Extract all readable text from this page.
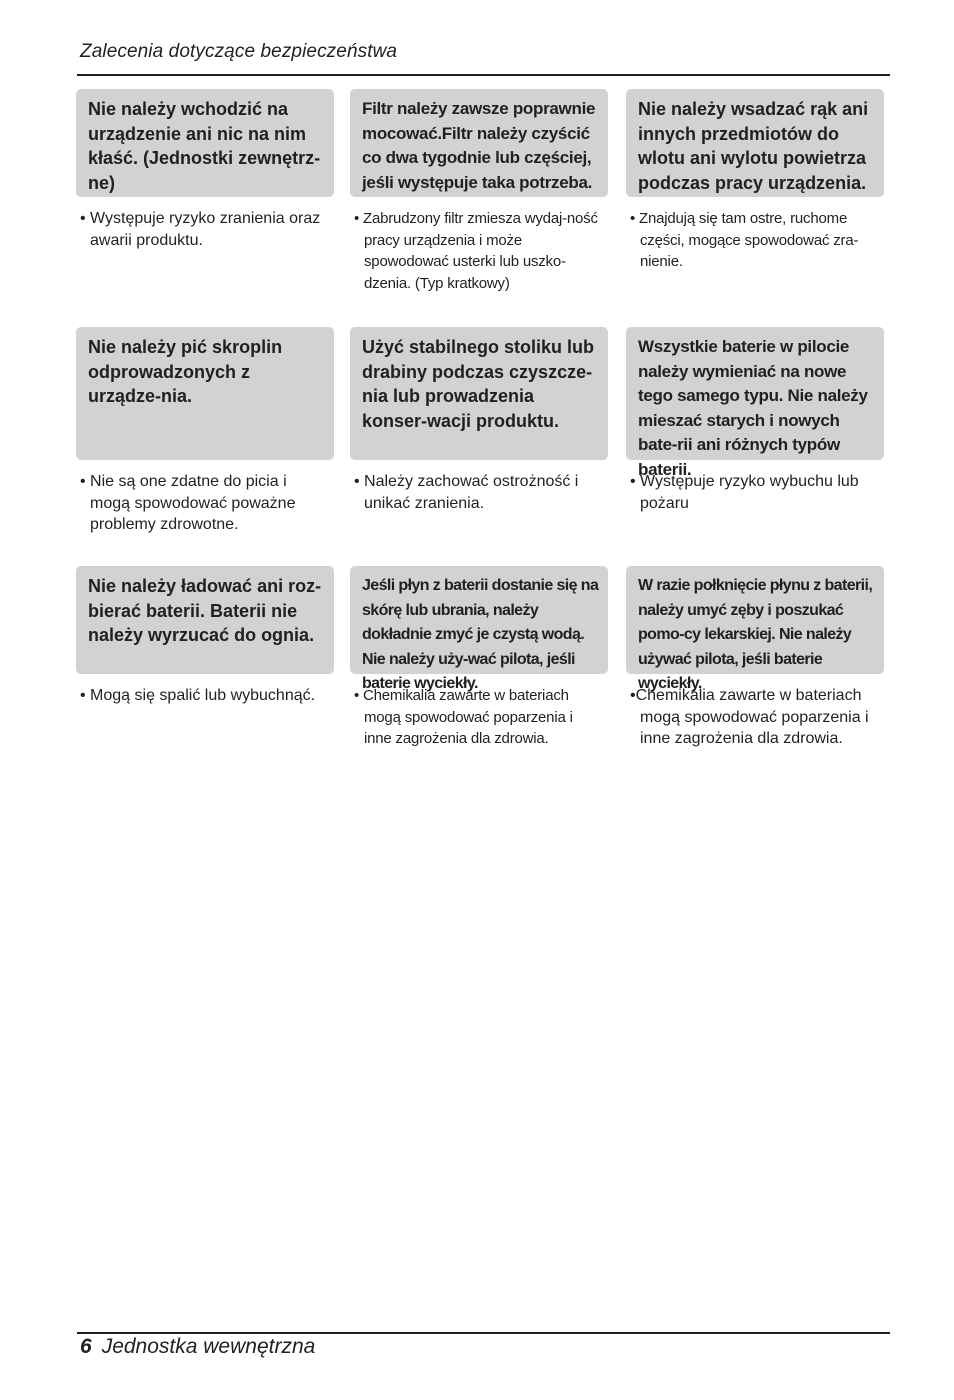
Zalecenia dotyczące bezpieczeństwa
Nie należy wchodzić na urządzenie ani nic na nim kłaść. (Jednostki zewnętrz-ne)
• Występuje ryzyko zranienia oraz awarii produktu.
Filtr należy zawsze poprawnie mocować.Filtr należy czyścić co dwa tygodnie lub częściej, jeśli występuje taka potrzeba.
• Zabrudzony filtr zmiesza wydaj-ność pracy urządzenia i może spowodować usterki lub uszko-dzenia. (Typ kratkowy)
Nie należy wsadzać rąk ani innych przedmiotów do wlotu ani wylotu powietrza podczas pracy urządzenia.
• Znajdują się tam ostre, ruchome części, mogące spowodować zra-nienie.
Nie należy pić skroplin odprowadzonych z urządze-nia.
• Nie są one zdatne do picia i mogą spowodować poważne problemy zdrowotne.
Użyć stabilnego stoliku lub drabiny podczas czyszcze-nia lub prowadzenia konser-wacji produktu.
• Należy zachować ostrożność i unikać zranienia.
Wszystkie baterie w pilocie należy wymieniać na nowe tego samego typu. Nie należy mieszać starych i nowych bate-rii ani różnych typów baterii.
• Występuje ryzyko wybuchu lub pożaru
Nie należy ładować ani roz-bierać baterii. Baterii nie należy wyrzucać do ognia.
• Mogą się spalić lub wybuchnąć.
Jeśli płyn z baterii dostanie się na skórę lub ubrania, należy dokładnie zmyć je czystą wodą. Nie należy uży-wać pilota, jeśli baterie wyciekły.
• Chemikalia zawarte w bateriach mogą spowodować poparzenia i inne zagrożenia dla zdrowia.
W razie połknięcie płynu z baterii, należy umyć zęby i poszukać pomo-cy lekarskiej. Nie należy używać pilota, jeśli baterie wyciekły.
•Chemikalia zawarte w bateriach mogą spowodować poparzenia i inne zagrożenia dla zdrowia.
6 Jednostka wewnętrzna
